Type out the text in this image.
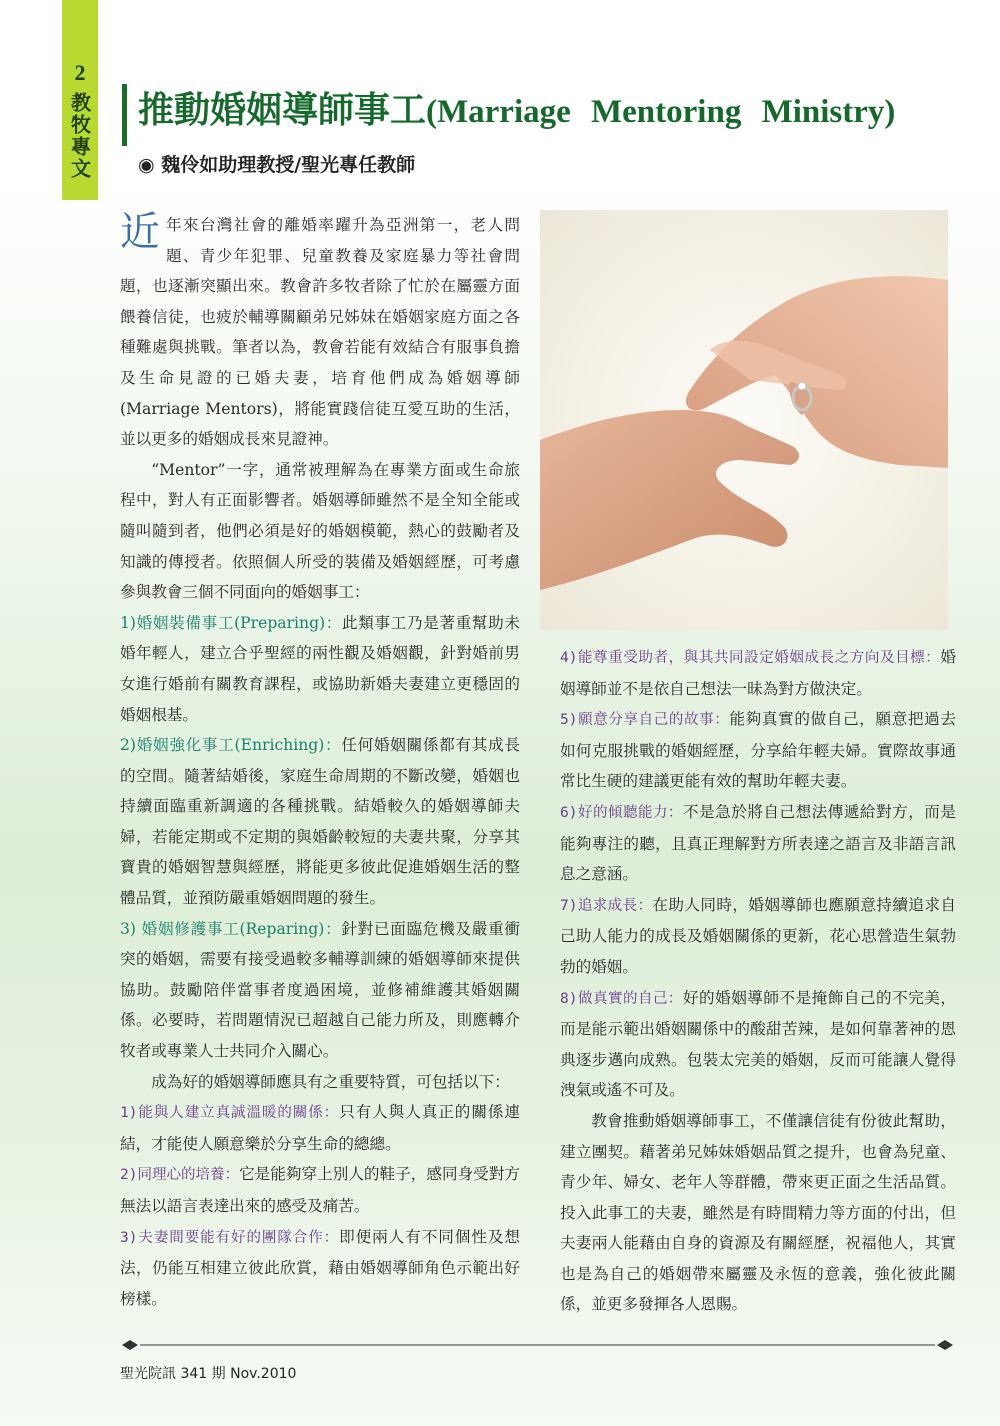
2
教牧專文 推動婚姻導師事工(Marriage Mentoring Ministry)
◉ 魏伶如助理教授/聖光專任教師

近年來台灣社會的離婚率躍升為亞洲第一，老人問題、青少年犯罪、兒童教養及家庭暴力等社會問題，也逐漸突顯出來。教會許多牧者除了忙於在屬靈方面餵養信徒，也疲於輔導關顧弟兄姊妹在婚姻家庭方面之各種難處與挑戰。筆者以為，教會若能有效結合有服事負擔及生命見證的已婚夫妻，培育他們成為婚姻導師(Marriage Mentors)，將能實踐信徒互愛互助的生活，並以更多的婚姻成長來見證神。

“Mentor”一字，通常被理解為在專業方面或生命旅程中，對人有正面影響者。婚姻導師雖然不是全知全能或隨叫隨到者，他們必須是好的婚姻模範，熱心的鼓勵者及知識的傳授者。依照個人所受的裝備及婚姻經歷，可考慮參與教會三個不同面向的婚姻事工：

1)婚姻裝備事工(Preparing)：此類事工乃是著重幫助未婚年輕人，建立合乎聖經的兩性觀及婚姻觀，針對婚前男女進行婚前有關教育課程，或協助新婚夫妻建立更穩固的婚姻根基。

2)婚姻強化事工(Enriching)：任何婚姻關係都有其成長的空間。隨著結婚後，家庭生命周期的不斷改變，婚姻也持續面臨重新調適的各種挑戰。結婚較久的婚姻導師夫婦，若能定期或不定期的與婚齡較短的夫妻共聚，分享其寶貴的婚姻智慧與經歷，將能更多彼此促進婚姻生活的整體品質，並預防嚴重婚姻問題的發生。

3) 婚姻修護事工(Reparing)：針對已面臨危機及嚴重衝突的婚姻，需要有接受過較多輔導訓練的婚姻導師來提供協助。鼓勵陪伴當事者度過困境，並修補維護其婚姻關係。必要時，若問題情況已超越自己能力所及，則應轉介牧者或專業人士共同介入關心。

成為好的婚姻導師應具有之重要特質，可包括以下：

1)能與人建立真誠溫暖的關係：只有人與人真正的關係連結，才能使人願意樂於分享生命的總總。

2)同理心的培養：它是能夠穿上別人的鞋子，感同身受對方無法以語言表達出來的感受及痛苦。

3)夫妻間要能有好的團隊合作：即便兩人有不同個性及想法，仍能互相建立彼此欣賞，藉由婚姻導師角色示範出好榜樣。

4)能尊重受助者，與其共同設定婚姻成長之方向及目標：婚姻導師並不是依自己想法一昧為對方做決定。

5)願意分享自己的故事：能夠真實的做自己，願意把過去如何克服挑戰的婚姻經歷，分享給年輕夫婦。實際故事通常比生硬的建議更能有效的幫助年輕夫妻。

6)好的傾聽能力：不是急於將自己想法傳遞給對方，而是能夠專注的聽，且真正理解對方所表達之語言及非語言訊息之意涵。

7)追求成長：在助人同時，婚姻導師也應願意持續追求自己助人能力的成長及婚姻關係的更新，花心思營造生氣勃勃的婚姻。

8)做真實的自己：好的婚姻導師不是掩飾自己的不完美，而是能示範出婚姻關係中的酸甜苦辣，是如何靠著神的恩典逐步邁向成熟。包裝太完美的婚姻，反而可能讓人覺得洩氣或遙不可及。

教會推動婚姻導師事工，不僅讓信徒有份彼此幫助，建立團契。藉著弟兄姊妹婚姻品質之提升，也會為兒童、青少年、婦女、老年人等群體，帶來更正面之生活品質。投入此事工的夫妻，雖然是有時間精力等方面的付出，但夫妻兩人能藉由自身的資源及有關經歷，祝福他人，其實也是為自己的婚姻帶來屬靈及永恆的意義，強化彼此關係，並更多發揮各人恩賜。

聖光院訊 341 期 Nov.2010
